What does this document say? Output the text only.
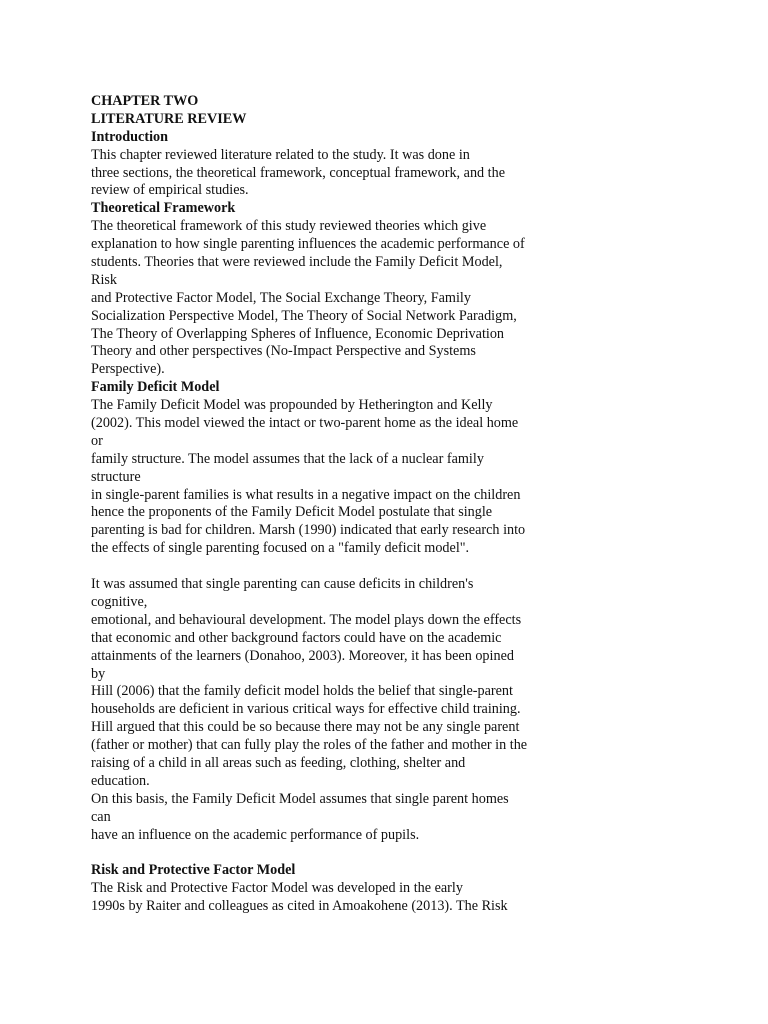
CHAPTER TWO
LITERATURE REVIEW
Introduction
This chapter reviewed literature related to the study. It was done in
three sections, the theoretical framework, conceptual framework, and the
review of empirical studies.
Theoretical Framework
The theoretical framework of this study reviewed theories which give
explanation to how single parenting influences the academic performance of
students. Theories that were reviewed include the Family Deficit Model,
Risk
and Protective Factor Model, The Social Exchange Theory, Family
Socialization Perspective Model, The Theory of Social Network Paradigm,
The Theory of Overlapping Spheres of Influence, Economic Deprivation
Theory and other perspectives (No-Impact Perspective and Systems
Perspective).
Family Deficit Model
The Family Deficit Model was propounded by Hetherington and Kelly
(2002). This model viewed the intact or two-parent home as the ideal home
or
family structure. The model assumes that the lack of a nuclear family
structure
in single-parent families is what results in a negative impact on the children
hence the proponents of the Family Deficit Model postulate that single
parenting is bad for children. Marsh (1990) indicated that early research into
the effects of single parenting focused on a "family deficit model".
It was assumed that single parenting can cause deficits in children's
cognitive,
emotional, and behavioural development. The model plays down the effects
that economic and other background factors could have on the academic
attainments of the learners (Donahoo, 2003). Moreover, it has been opined
by
Hill (2006) that the family deficit model holds the belief that single-parent
households are deficient in various critical ways for effective child training.
Hill argued that this could be so because there may not be any single parent
(father or mother) that can fully play the roles of the father and mother in the
raising of a child in all areas such as feeding, clothing, shelter and
education.
On this basis, the Family Deficit Model assumes that single parent homes
can
have an influence on the academic performance of pupils.
Risk and Protective Factor Model
The Risk and Protective Factor Model was developed in the early
1990s by Raiter and colleagues as cited in Amoakohene (2013). The Risk
